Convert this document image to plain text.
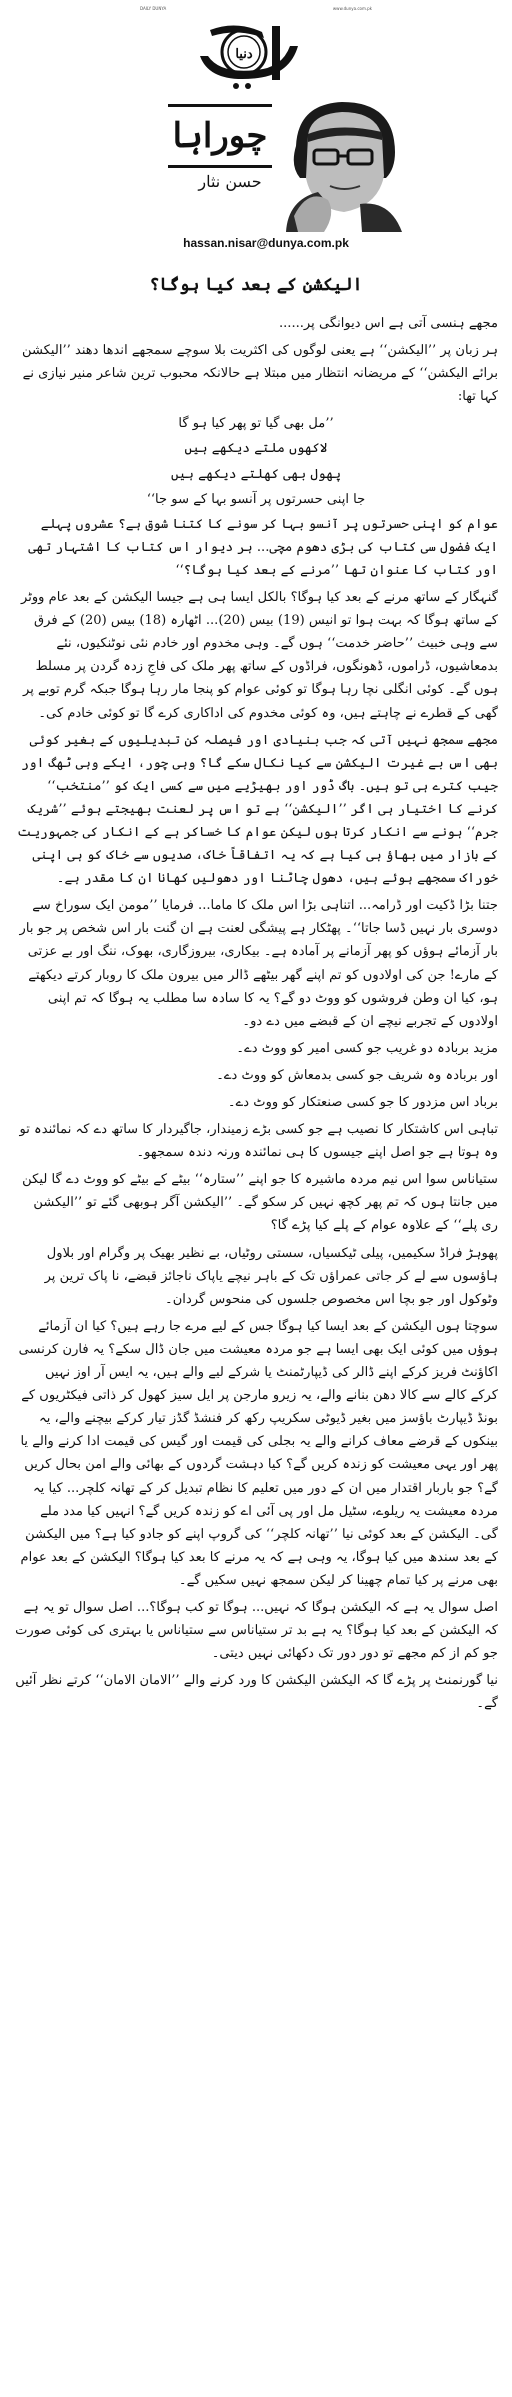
DAILY DUNYA	www.dunya.com.pk
دنیا
چوراہا
حسن نثار
hassan.nisar@dunya.com.pk
الیکشن کے بعد کیا ہوگا؟

مجھے ہنسی آتی ہے اس دیوانگی پر......

ہر زبان پر ’’الیکشن‘‘ ہے یعنی لوگوں کی اکثریت بلا سوچے سمجھے اندھا دھند ’’الیکشن برائے الیکشن‘‘ کے مریضانہ انتظار میں مبتلا ہے حالانکہ محبوب ترین شاعر منیر نیازی نے کہا تھا:

’’مل بھی گیا تو پھر کیا ہو گا

لاکھوں ملتے دیکھے ہیں

پھول بھی کھلتے دیکھے ہیں

جا اپنی حسرتوں پر آنسو بہا کے سو جا‘‘

عوام کو اپنی حسرتوں پر آنسو بہا کر سونے کا کتنا شوق ہے؟ عشروں پہلے ایک فضول سی کتاب کی بڑی دھوم مچی... ہر دیوار اس کتاب کا اشتہار تھی اور کتاب کا عنوان تھا ’’مرنے کے بعد کیا ہوگا؟‘‘

گنہگار کے ساتھ مرنے کے بعد کیا ہوگا؟ بالکل ایسا ہی ہے جیسا الیکشن کے بعد عام ووٹر کے ساتھ ہوگا کہ بہت ہوا تو انیس (19) بیس (20)... اٹھارہ (18) بیس (20) کے فرق سے وہی خبیث ’’حاضر خدمت‘‘ ہوں گے۔ وہی مخدوم اور خادم نئی نوٹنکیوں، نئے بدمعاشیوں، ڈراموں، ڈھونگوں، فراڈوں کے ساتھ پھر ملک کی فاجِ زدہ گردن پر مسلط ہوں گے۔ کوئی انگلی نچا رہا ہوگا تو کوئی عوام کو پنجا مار رہا ہوگا جبکہ گرم توبے پر گھی کے قطرے نے چاہتے ہیں، وہ کوئی مخدوم کی اداکاری کرے گا تو کوئی خادم کی۔

مجھے سمجھ نہیں آتی کہ جب بنیادی اور فیصلہ کن تبدیلیوں کے بغیر کوئی بھی اس بے غیرت الیکشن سے کیا نکال سکے گا؟ وہی چور، ایکے وہی ٹھگ اور جیب کترے ہی تو ہیں۔ باگ ڈور اور بھیڑیے میں سے کسی ایک کو ’’منتخب‘‘ کرنے کا اختیار ہی اگر ’’الیکشن‘‘ ہے تو اس پر لعنت بھیجتے ہوئے ’’شریک جرم‘‘ ہونے سے انکار کرتا ہوں لیکن عوام کا خساکر ہے کے انکار کی جمہوریت کے بازار میں بھاؤ ہی کیا ہے کہ یہ اتفاقاً خاک، صدیوں سے خاک کو ہی اپنی خوراک سمجھے ہوئے ہیں، دھول چاٹنا اور دھولیں کھانا ان کا مقدر ہے۔

جتنا بڑا ڈکیت اور ڈرامہ... اتناہی بڑا اس ملک کا ماما... فرمایا ’’مومن ایک سوراخ سے دوسری بار نہیں ڈسا جاتا‘‘۔ پھٹکار ہے پیشگی لعنت ہے ان گنت بار اس شخص پر جو بار بار آزمائے ہوؤں کو پھر آزمانے پر آمادہ ہے۔ بیکاری، بیروزگاری، بھوک، ننگ اور بے عزتی کے مارے! جن کی اولادوں کو تم اپنے گھر بیٹھے ڈالر میں بیرون ملک کا روبار کرتے دیکھتے ہو، کیا ان وطن فروشوں کو ووٹ دو گے؟ یہ کا سادہ سا مطلب یہ ہوگا کہ تم اپنی اولادوں کے تجربے نیچے ان کے قبضے میں دے دو۔

مزید بربادہ دو غریب جو کسی امیر کو ووٹ دے۔

اور بربادہ وہ شریف جو کسی بدمعاش کو ووٹ دے۔

برباد اس مزدور کا جو کسی صنعتکار کو ووٹ دے۔

تباہی اس کاشتکار کا نصیب ہے جو کسی بڑے زمیندار، جاگیردار کا ساتھ دے کہ نمائندہ تو وہ ہوتا ہے جو اصل اپنے جیسوں کا ہی نمائندہ ورنہ دندہ سمجھو۔

ستیاناس سوا اس نیم مردہ ماشیرہ کا جو اپنے ’’ستارہ‘‘ بیٹے کے بیٹے کو ووٹ دے گا لیکن میں جانتا ہوں کہ تم پھر کچھ نہیں کر سکو گے۔ ’’الیکشن آگر ہوبھی گئے تو ’’الیکشن ری پلے‘‘ کے علاوہ عوام کے پلے کیا پڑے گا؟

پھوہڑ فراڈ سکیمیں، پیلی ٹیکسیاں، سستی روٹیاں، بے نظیر بھیک پر وگرام اور بلاول ہاؤسوں سے لے کر جاتی عمراؤں تک کے باہر نیچے یاپاک ناجائز قبضے، نا پاک ترین پر وٹوکول اور جو بچا اس مخصوص جلسوں کی منحوس گردان۔

سوچتا ہوں الیکشن کے بعد ایسا کیا ہوگا جس کے لیے مرے جا رہے ہیں؟ کیا ان آزمائے ہوؤں میں کوئی ایک بھی ایسا ہے جو مردہ معیشت میں جان ڈال سکے؟ یہ فارن کرنسی اکاؤنٹ فریز کرکے اپنے ڈالر کی ڈیپارٹمنٹ یا شرکے لیے والے ہیں، یہ ایس آر اوز نہیں کرکے کالے سے کالا دھن بنانے والے، یہ زیرو مارجن پر ایل سیز کھول کر ذاتی فیکٹریوں کے بونڈ ڈیپارٹ باؤسز میں بغیر ڈیوٹی سکریپ رکھ کر فنشڈ گڈز تیار کرکے بیچنے والے، یہ بینکوں کے قرضے معاف کرانے والے یہ بجلی کی قیمت اور گیس کی قیمت ادا کرنے والے یا پھر اور یہی معیشت کو زندہ کریں گے؟ کیا دہشت گردوں کے بھائی والے امن بحال کریں گے؟ جو باربار اقتدار میں ان کے دور میں تعلیم کا نظام تبدیل کر کے تھانہ کلچر... کیا یہ مردہ معیشت یہ ریلوے، سٹیل مل اور پی آئی اے کو زندہ کریں گے؟ انہیں کیا مدد ملے گی۔ الیکشن کے بعد کوئی نیا ’’تھانہ کلچر‘‘ کی گروپ اپنے کو جادو کیا ہے؟ میں الیکشن کے بعد سندھ میں کیا ہوگا، یہ وہی ہے کہ یہ مرنے کا بعد کیا ہوگا؟ الیکشن کے بعد عوام بھی مرنے پر کیا تمام چھینا کر لیکن سمجھ نہیں سکیں گے۔

اصل سوال یہ ہے کہ الیکشن ہوگا کہ نہیں... ہوگا تو کب ہوگا؟... اصل سوال تو یہ ہے کہ الیکشن کے بعد کیا ہوگا؟ یہ ہے بد تر ستیاناس سے ستیاناس یا بہتری کی کوئی صورت جو کم از کم مجھے تو دور دور تک دکھائی نہیں دیتی۔

نیا گورنمنٹ پر پڑے گا کہ الیکشن الیکشن کا ورد کرنے والے ’’الامان الامان‘‘ کرتے نظر آئیں گے۔
